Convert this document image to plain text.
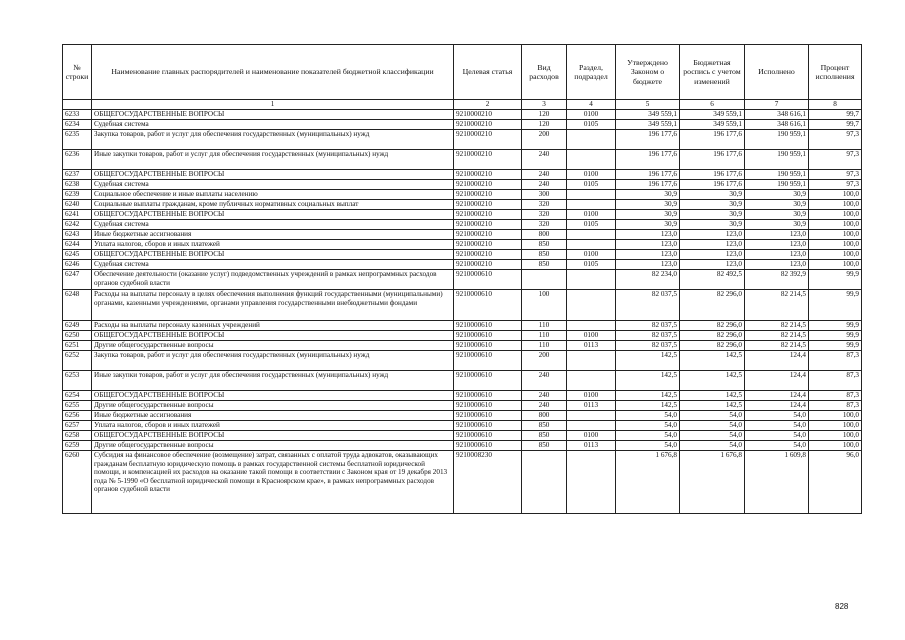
№ строки	Наименование главных распорядителей и наименование показателей бюджетной классификации	Целевая статья	Вид расходов	Раздел, подраздел	Утверждено Законом о бюджете	Бюджетная роспись с учетом изменений	Исполнено	Процент исполнения
	1	2	3	4	5	6	7	8
6233	ОБЩЕГОСУДАРСТВЕННЫЕ ВОПРОСЫ	9210000210	120	0100	349 559,1	349 559,1	348 616,1	99,7
6234	Судебная система	9210000210	120	0105	349 559,1	349 559,1	348 616,1	99,7
6235	Закупка товаров, работ и услуг для обеспечения государственных (муниципальных) нужд	9210000210	200		196 177,6	196 177,6	190 959,1	97,3
6236	Иные закупки товаров, работ и услуг для обеспечения государственных (муниципальных) нужд	9210000210	240		196 177,6	196 177,6	190 959,1	97,3
6237	ОБЩЕГОСУДАРСТВЕННЫЕ ВОПРОСЫ	9210000210	240	0100	196 177,6	196 177,6	190 959,1	97,3
6238	Судебная система	9210000210	240	0105	196 177,6	196 177,6	190 959,1	97,3
6239	Социальное обеспечение и иные выплаты населению	9210000210	300		30,9	30,9	30,9	100,0
6240	Социальные выплаты гражданам, кроме публичных нормативных социальных выплат	9210000210	320		30,9	30,9	30,9	100,0
6241	ОБЩЕГОСУДАРСТВЕННЫЕ ВОПРОСЫ	9210000210	320	0100	30,9	30,9	30,9	100,0
6242	Судебная система	9210000210	320	0105	30,9	30,9	30,9	100,0
6243	Иные бюджетные ассигнования	9210000210	800		123,0	123,0	123,0	100,0
6244	Уплата налогов, сборов и иных платежей	9210000210	850		123,0	123,0	123,0	100,0
6245	ОБЩЕГОСУДАРСТВЕННЫЕ ВОПРОСЫ	9210000210	850	0100	123,0	123,0	123,0	100,0
6246	Судебная система	9210000210	850	0105	123,0	123,0	123,0	100,0
6247	Обеспечение деятельности (оказание услуг) подведомственных учреждений в рамках непрограммных расходов органов судебной власти	9210000610			82 234,0	82 492,5	82 392,9	99,9
6248	Расходы на выплаты персоналу в целях обеспечения выполнения функций государственными (муниципальными) органами, казенными учреждениями, органами управления государственными внебюджетными фондами	9210000610	100		82 037,5	82 296,0	82 214,5	99,9
6249	Расходы на выплаты персоналу казенных учреждений	9210000610	110		82 037,5	82 296,0	82 214,5	99,9
6250	ОБЩЕГОСУДАРСТВЕННЫЕ ВОПРОСЫ	9210000610	110	0100	82 037,5	82 296,0	82 214,5	99,9
6251	Другие общегосударственные вопросы	9210000610	110	0113	82 037,5	82 296,0	82 214,5	99,9
6252	Закупка товаров, работ и услуг для обеспечения государственных (муниципальных) нужд	9210000610	200		142,5	142,5	124,4	87,3
6253	Иные закупки товаров, работ и услуг для обеспечения государственных (муниципальных) нужд	9210000610	240		142,5	142,5	124,4	87,3
6254	ОБЩЕГОСУДАРСТВЕННЫЕ ВОПРОСЫ	9210000610	240	0100	142,5	142,5	124,4	87,3
6255	Другие общегосударственные вопросы	9210000610	240	0113	142,5	142,5	124,4	87,3
6256	Иные бюджетные ассигнования	9210000610	800		54,0	54,0	54,0	100,0
6257	Уплата налогов, сборов и иных платежей	9210000610	850		54,0	54,0	54,0	100,0
6258	ОБЩЕГОСУДАРСТВЕННЫЕ ВОПРОСЫ	9210000610	850	0100	54,0	54,0	54,0	100,0
6259	Другие общегосударственные вопросы	9210000610	850	0113	54,0	54,0	54,0	100,0
6260	Субсидия на финансовое обеспечение (возмещение) затрат, связанных с оплатой труда адвокатов, оказывающих гражданам бесплатную юридическую помощь в рамках государственной системы бесплатной юридической помощи, и компенсацией их расходов на оказание такой помощи в соответствии с Законом края от 19 декабря 2013 года № 5-1990 «О бесплатной юридической помощи в Красноярском крае», в рамках непрограммных расходов органов судебной власти	9210008230			1 676,8	1 676,8	1 609,8	96,0
828
